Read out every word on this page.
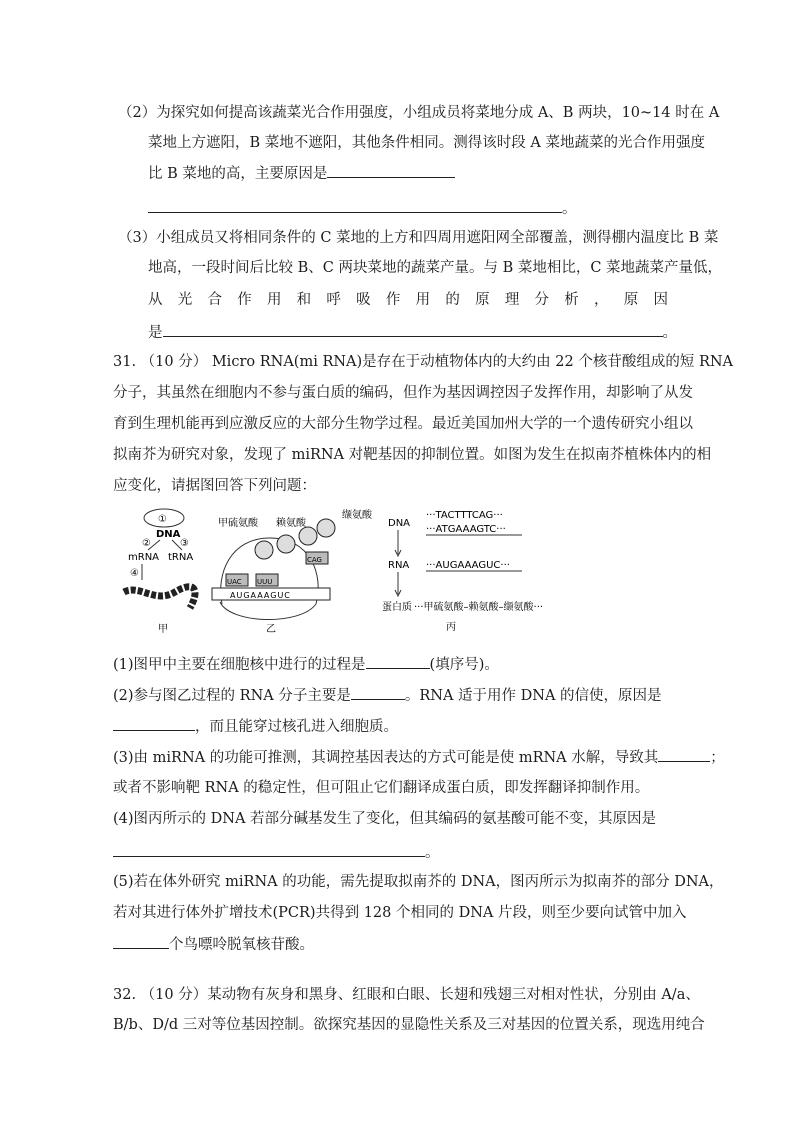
（2）为探究如何提高该蔬菜光合作用强度，小组成员将菜地分成 A、B 两块，10~14 时在 A
菜地上方遮阳，B 菜地不遮阳，其他条件相同。测得该时段 A 菜地蔬菜的光合作用强度
比 B 菜地的高，主要原因是
。
（3）小组成员又将相同条件的 C 菜地的上方和四周用遮阳网全部覆盖，测得棚内温度比 B 菜
地高，一段时间后比较 B、C 两块菜地的蔬菜产量。与 B 菜地相比，C 菜地蔬菜产量低，
从 光 合 作 用 和 呼 吸 作 用 的 原 理 分 析 ， 原 因
是	。
31. （10 分） Micro RNA(mi RNA)是存在于动植物体内的大约由 22 个核苷酸组成的短 RNA
分子，其虽然在细胞内不参与蛋白质的编码，但作为基因调控因子发挥作用，却影响了从发
育到生理机能再到应激反应的大部分生物学过程。最近美国加州大学的一个遗传研究小组以
拟南芥为研究对象，发现了 miRNA 对靶基因的抑制位置。如图为发生在拟南芥植株体内的相
应变化，请据图回答下列问题：
①
DNA
②	③
mRNA tRNA
④
甲
甲硫氨酸 赖氨酸
缬氨酸
UAC UUU
CAG
AUGAAAGUC
乙
DNA
RNA
蛋白质
···TACTTTCAG···
···ATGAAAGTC···
···AUGAAAGUC···
···甲硫氨酸–赖氨酸–缬氨酸···
丙
(1)图甲中主要在细胞核中进行的过程是	(填序号)。
(2)参与图乙过程的 RNA 分子主要是	。RNA 适于用作 DNA 的信使，原因是
，而且能穿过核孔进入细胞质。
(3)由 miRNA 的功能可推测，其调控基因表达的方式可能是使 mRNA 水解，导致其	；
或者不影响靶 RNA 的稳定性，但可阻止它们翻译成蛋白质，即发挥翻译抑制作用。
(4)图丙所示的 DNA 若部分碱基发生了变化，但其编码的氨基酸可能不变，其原因是
。
(5)若在体外研究 miRNA 的功能，需先提取拟南芥的 DNA，图丙所示为拟南芥的部分 DNA，
若对其进行体外扩增技术(PCR)共得到 128 个相同的 DNA 片段，则至少要向试管中加入
个鸟嘌呤脱氧核苷酸。
32. （10 分）某动物有灰身和黑身、红眼和白眼、长翅和残翅三对相对性状，分别由 A/a、
B/b、D/d 三对等位基因控制。欲探究基因的显隐性关系及三对基因的位置关系，现选用纯合
